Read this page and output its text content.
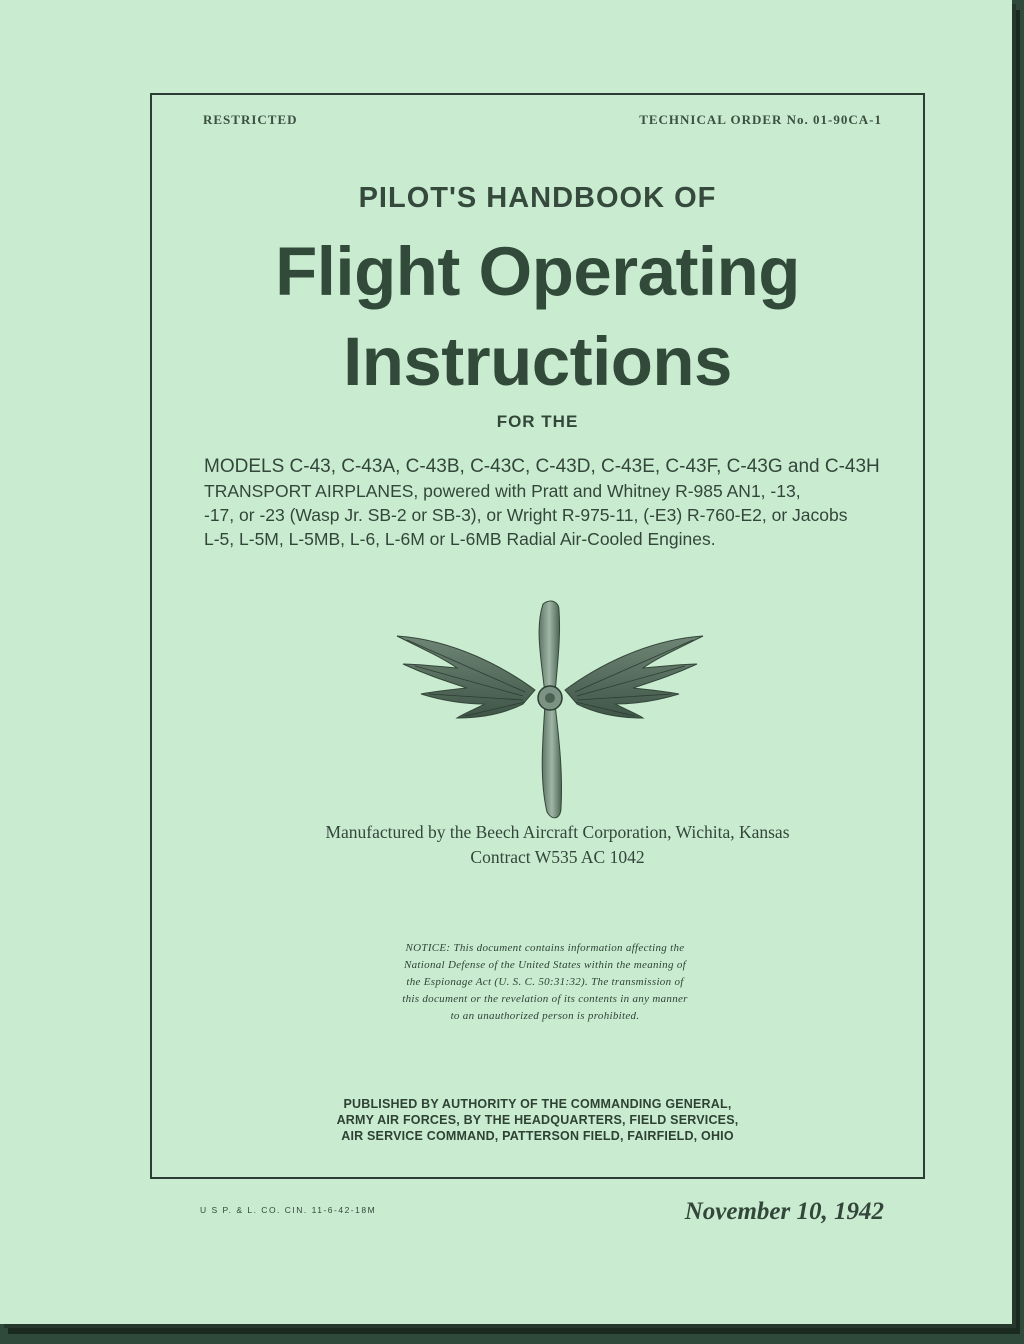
RESTRICTED	TECHNICAL ORDER No. 01-90CA-1
PILOT'S HANDBOOK OF
Flight Operating
Instructions
FOR THE
MODELS C-43, C-43A, C-43B, C-43C, C-43D, C-43E, C-43F, C-43G and C-43H
TRANSPORT AIRPLANES, powered with Pratt and Whitney R-985 AN1, -13,
-17, or -23 (Wasp Jr. SB-2 or SB-3), or Wright R-975-11, (-E3) R-760-E2, or Jacobs
L-5, L-5M, L-5MB, L-6, L-6M or L-6MB Radial Air-Cooled Engines.
Manufactured by the Beech Aircraft Corporation, Wichita, Kansas
Contract W535 AC 1042
NOTICE: This document contains information affecting the
National Defense of the United States within the meaning of
the Espionage Act (U. S. C. 50:31:32). The transmission of
this document or the revelation of its contents in any manner
to an unauthorized person is prohibited.
PUBLISHED BY AUTHORITY OF THE COMMANDING GENERAL,
ARMY AIR FORCES, BY THE HEADQUARTERS, FIELD SERVICES,
AIR SERVICE COMMAND, PATTERSON FIELD, FAIRFIELD, OHIO
U S P. & L. CO. CIN. 11-6-42-18M	November 10, 1942
